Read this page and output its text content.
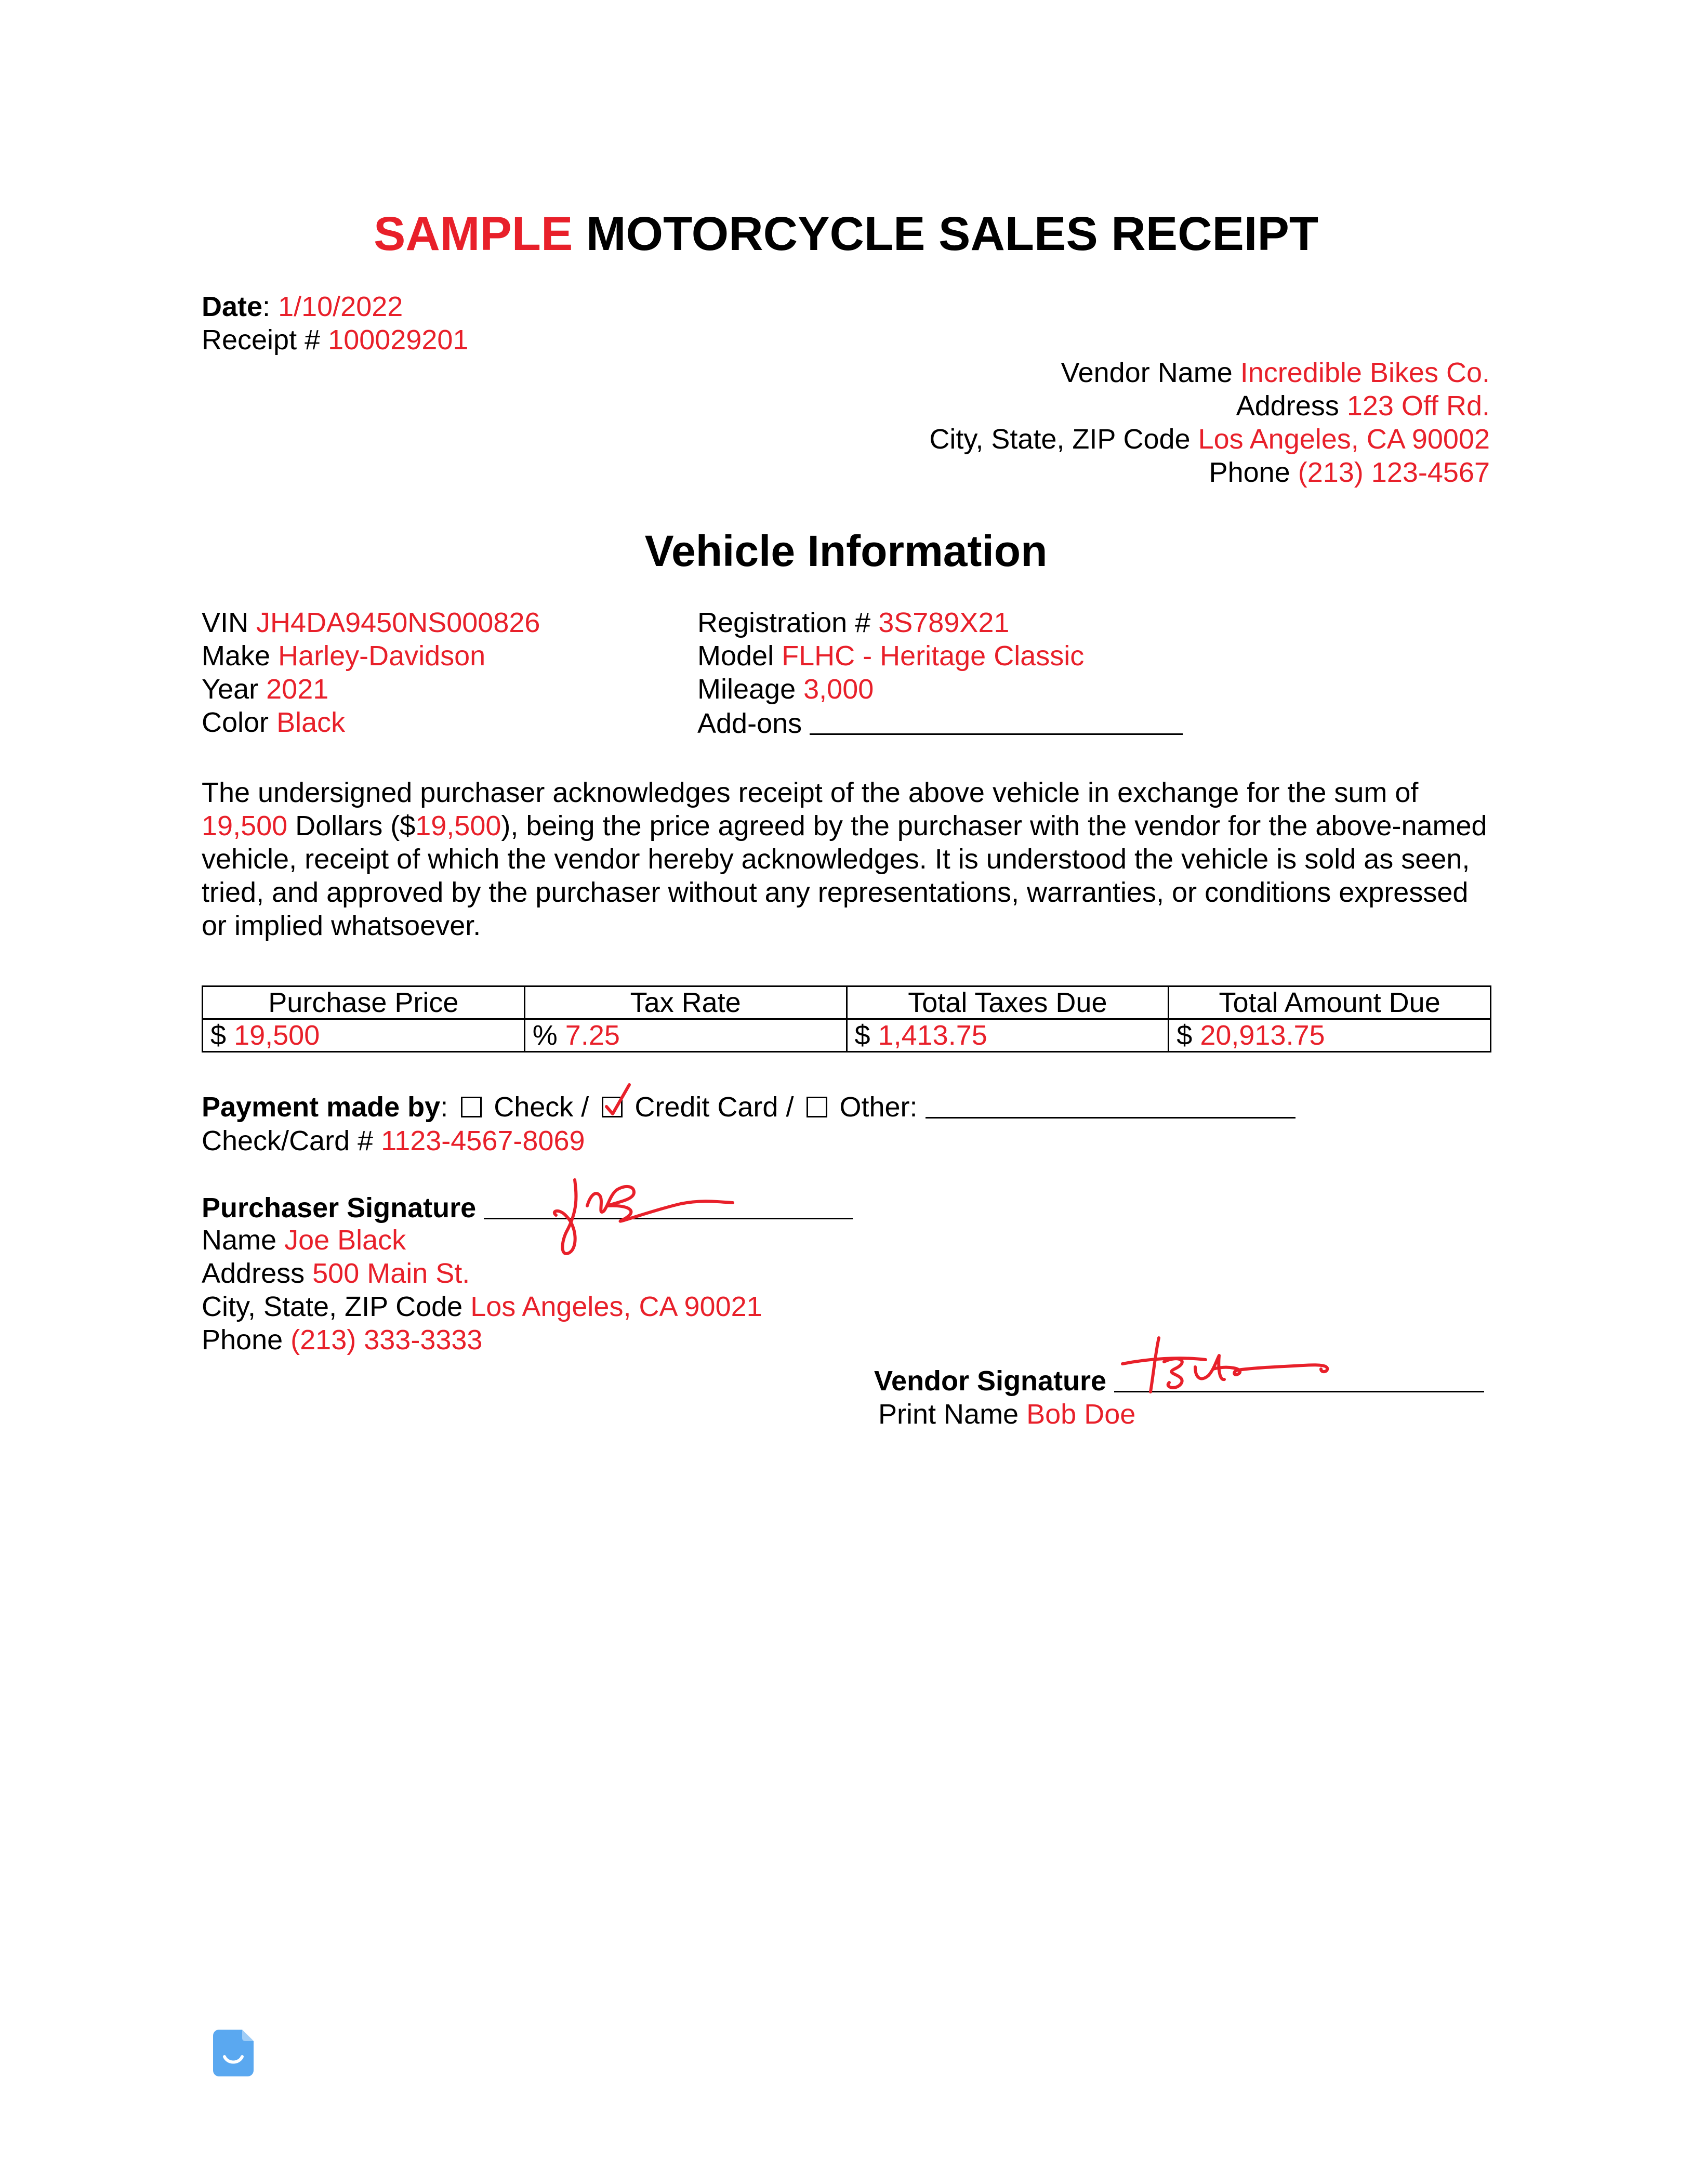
SAMPLE MOTORCYCLE SALES RECEIPT
Date: 1/10/2022
Receipt # 100029201
Vendor Name Incredible Bikes Co.
Address 123 Off Rd.
City, State, ZIP Code Los Angeles, CA 90002
Phone (213) 123-4567
Vehicle Information
VIN JH4DA9450NS000826
Make Harley-Davidson
Year 2021
Color Black
Registration # 3S789X21
Model FLHC - Heritage Classic
Mileage 3,000
Add-ons
The undersigned purchaser acknowledges receipt of the above vehicle in exchange for the sum of 19,500 Dollars ($19,500), being the price agreed by the purchaser with the vendor for the above-named vehicle, receipt of which the vendor hereby acknowledges. It is understood the vehicle is sold as seen, tried, and approved by the purchaser without any representations, warranties, or conditions expressed or implied whatsoever.
Purchase Price	Tax Rate	Total Taxes Due	Total Amount Due
$ 19,500	% 7.25	$ 1,413.75	$ 20,913.75
Payment made by: Check / Credit Card / Other:
Check/Card # 1123-4567-8069
Purchaser Signature
Name Joe Black
Address 500 Main St.
City, State, ZIP Code Los Angeles, CA 90021
Phone (213) 333-3333
Vendor Signature
Print Name Bob Doe
